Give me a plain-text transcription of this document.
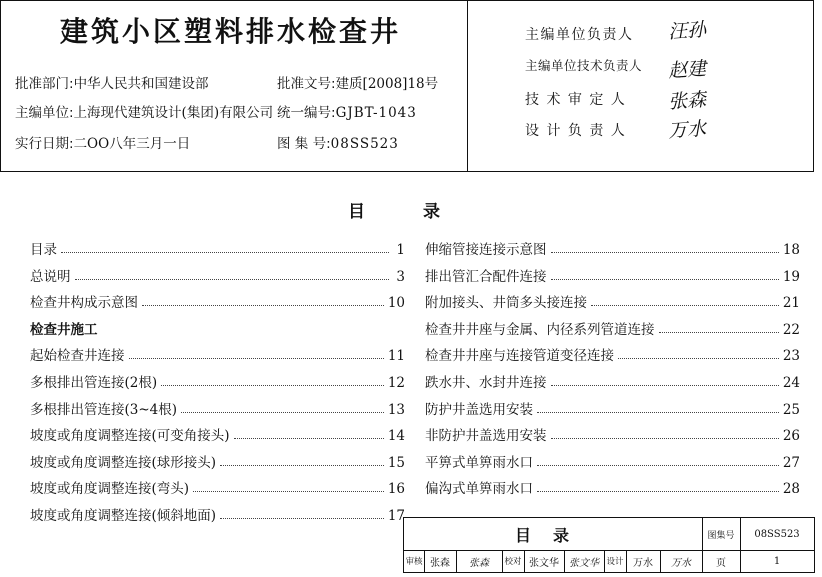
建筑小区塑料排水检查井
批准部门:中华人民共和国建设部	批准文号:建质[2008]18号
主编单位:上海现代建筑设计(集团)有限公司 统一编号:GJBT-1043
实行日期:二OO八年三月一日	图 集 号:08SS523
主编单位负责人 汪孙
主编单位技术负责人 赵建
技 术 审 定 人 张森
设 计 负 责 人 万水
目录
目录	1
总说明	3
检查井构成示意图	10
检查井施工
起始检查井连接	11
多根排出管连接(2根)	12
多根排出管连接(3~4根)	13
坡度或角度调整连接(可变角接头)	14
坡度或角度调整连接(球形接头)	15
坡度或角度调整连接(弯头)	16
坡度或角度调整连接(倾斜地面)	17
伸缩管接连接示意图	18
排出管汇合配件连接	19
附加接头、井筒多头接连接	21
检查井井座与金属、内径系列管道连接	22
检查井井座与连接管道变径连接	23
跌水井、水封井连接	24
防护井盖选用安装	25
非防护井盖选用安装	26
平箅式单箅雨水口	27
偏沟式单箅雨水口	28
目录	图集号	08SS523
审核 张森	张森	校对 张文华	张文华 设计 万水	万水	页	1
